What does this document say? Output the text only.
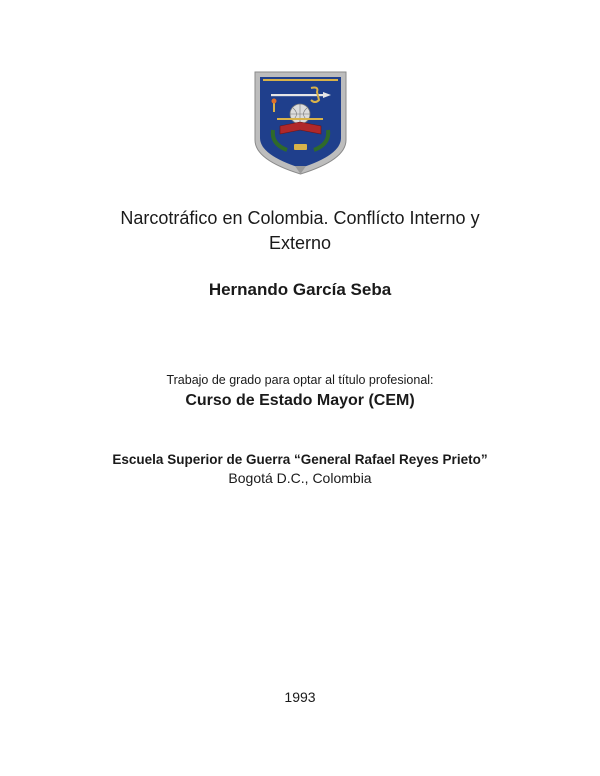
Narcotráfico en Colombia. Conflícto Interno y Externo
Hernando García Seba
Trabajo de grado para optar al título profesional:
Curso de Estado Mayor (CEM)
Escuela Superior de Guerra “General Rafael Reyes Prieto”
Bogotá D.C., Colombia
1993
